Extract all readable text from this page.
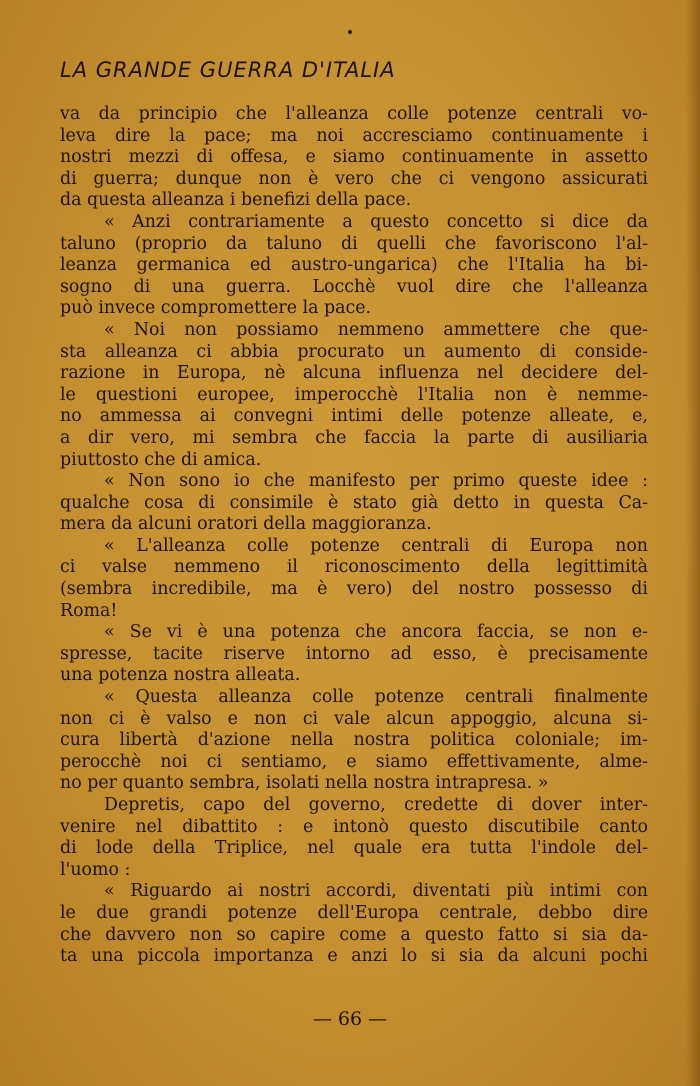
LA GRANDE GUERRA D'ITALIA
va da principio che l'alleanza colle potenze centrali vo-
leva dire la pace; ma noi accresciamo continuamente i
nostri mezzi di offesa, e siamo continuamente in assetto
di guerra; dunque non è vero che ci vengono assicurati
da questa alleanza i benefizi della pace.
« Anzi contrariamente a questo concetto si dice da
taluno (proprio da taluno di quelli che favoriscono l'al-
leanza germanica ed austro-ungarica) che l'Italia ha bi-
sogno di una guerra. Locchè vuol dire che l'alleanza
può invece compromettere la pace.
« Noi non possiamo nemmeno ammettere che que-
sta alleanza ci abbia procurato un aumento di conside-
razione in Europa, nè alcuna influenza nel decidere del-
le questioni europee, imperocchè l'Italia non è nemme-
no ammessa ai convegni intimi delle potenze alleate, e,
a dir vero, mi sembra che faccia la parte di ausiliaria
piuttosto che di amica.
« Non sono io che manifesto per primo queste idee :
qualche cosa di consimile è stato già detto in questa Ca-
mera da alcuni oratori della maggioranza.
« L'alleanza colle potenze centrali di Europa non
ci valse nemmeno il riconoscimento della legittimità
(sembra incredibile, ma è vero) del nostro possesso di
Roma!
« Se vi è una potenza che ancora faccia, se non e-
spresse, tacite riserve intorno ad esso, è precisamente
una potenza nostra alleata.
« Questa alleanza colle potenze centrali finalmente
non ci è valso e non ci vale alcun appoggio, alcuna si-
cura libertà d'azione nella nostra politica coloniale; im-
perocchè noi ci sentiamo, e siamo effettivamente, alme-
no per quanto sembra, isolati nella nostra intrapresa. »
Depretis, capo del governo, credette di dover inter-
venire nel dibattito : e intonò questo discutibile canto
di lode della Triplice, nel quale era tutta l'indole del-
l'uomo :
« Riguardo ai nostri accordi, diventati più intimi con
le due grandi potenze dell'Europa centrale, debbo dire
che davvero non so capire come a questo fatto si sia da-
ta una piccola importanza e anzi lo si sia da alcuni pochi
— 66 —
